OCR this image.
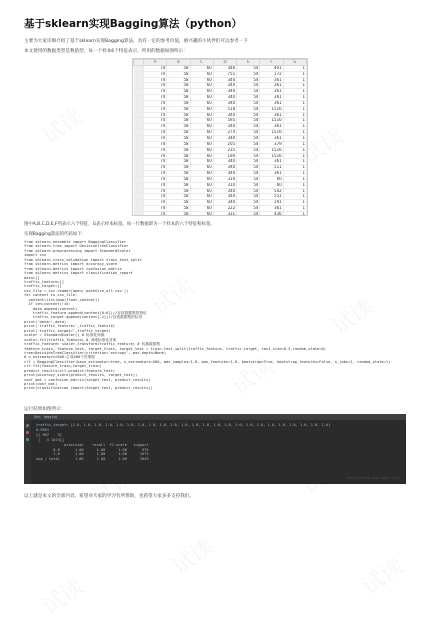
基于sklearn实现Bagging算法（python）
主要为大家详细介绍了基于sklearn实现Bagging算法，具有一定的参考价值，感兴趣的小伙伴们可以参考一下
本文使用的数据类型是数值型，每一个样本6个特征表示，所用的数据如图所示：
	A	B	C	D	E	F	G
	74	58	60	346	54	401	1
	74	58	60	751	54	172	1
	74	58	60	340	54	361	1
	74	58	60	340	54	361	1
	74	58	60	340	54	361	1
	74	58	60	340	54	361	1
	74	58	60	340	54	361	1
	74	58	60	518	54	1516	1
	74	58	60	340	54	361	1
	74	58	60	595	54	1516	1
	74	58	60	340	54	361	1
	74	58	60	274	54	1516	1
	74	58	60	340	54	361	1
	74	58	60	205	54	379	1
	74	58	60	235	54	1516	1
	74	58	60	190	54	1516	1
	74	58	60	340	54	361	1
	74	58	60	340	54	511	1
	74	58	60	340	54	361	1
	74	58	60	310	54	60	1
	74	58	60	310	54	60	1
	74	58	60	340	54	502	1
	74	58	60	340	54	551	1
	74	58	60	340	54	191	1
	74	58	60	222	54	361	1
	74	58	60	331	54	436	1

图中A,B,C,D,E,F列表示六个特征，G表示样本标签。每一行数据即为一个样本的六个特征和标签。
实现Bagging算法的代码如下：
from sklearn.ensemble import BaggingClassifier
from sklearn.tree import DecisionTreeClassifier
from sklearn.preprocessing import StandardScaler
import csv
from sklearn.cross_validation import train_test_split
from sklearn.metrics import accuracy_score
from sklearn.metrics import confusion_matrix
from sklearn.metrics import classification_report
data=[]
traffic_feature=[]
traffic_target=[]
csv_file = csv.reader(open('packSize_all.csv'))
for content in csv_file:
content=list(map(float,content))
if len(content)!=0:
data.append(content)
traffic_feature.append(content[0:6])//存放数据集的特征
traffic_target.append(content[-1])//存放数据集的标签
print('data=',data)
print('traffic_feature=',traffic_feature)
print('traffic_target=',traffic_target)
scaler = StandardScaler() # 标准化转换
scaler.fit(traffic_feature) # 训练标准化对象
traffic_feature= scaler.transform(traffic_feature) # 转换数据集
feature_train, feature_test, target_train, target_test = train_test_split(traffic_feature, traffic_target, test_size=0.3,random_state=0)
tree=DecisionTreeClassifier(criterion='entropy', max_depth=None)
# n_estimators=500:生成500个决策树
clf = BaggingClassifier(base_estimator=tree, n_estimators=500, max_samples=1.0, max_features=1.0, bootstrap=True, bootstrap_features=False, n_jobs=1, random_state=1)
clf.fit(feature_train,target_train)
predict_results=clf.predict(feature_test)
print(accuracy_score(predict_results, target_test))
conf_mat = confusion_matrix(target_test, predict_results)
print(conf_mat)
print(classification_report(target_test, predict_results))
运行结果如图所示：
Run: bagging
traffic_target= [1.0, 1.0, 1.0, 1.0, 1.0, 1.0, 1.0, 1.0, 1.0, 1.0, 1.0, 1.0, 1.0, 1.0, 1.0, 1.0, 1.0, 1.0, 1.0, 1.0, 1.0, 1.0, 1.0, 1.0]
0.9961
[[ 967    3]
[   5 1074]]
precision    recall  f1-score   support
0.0       1.00      1.00      1.00       970
1.0       1.00      1.00      1.00      1079
avg / total       1.00      1.00      1.00      2049
http://blog.csdn.net/lilly
以上就是本文的全部内容，希望对大家的学习有所帮助，也希望大家多多支持我们。
